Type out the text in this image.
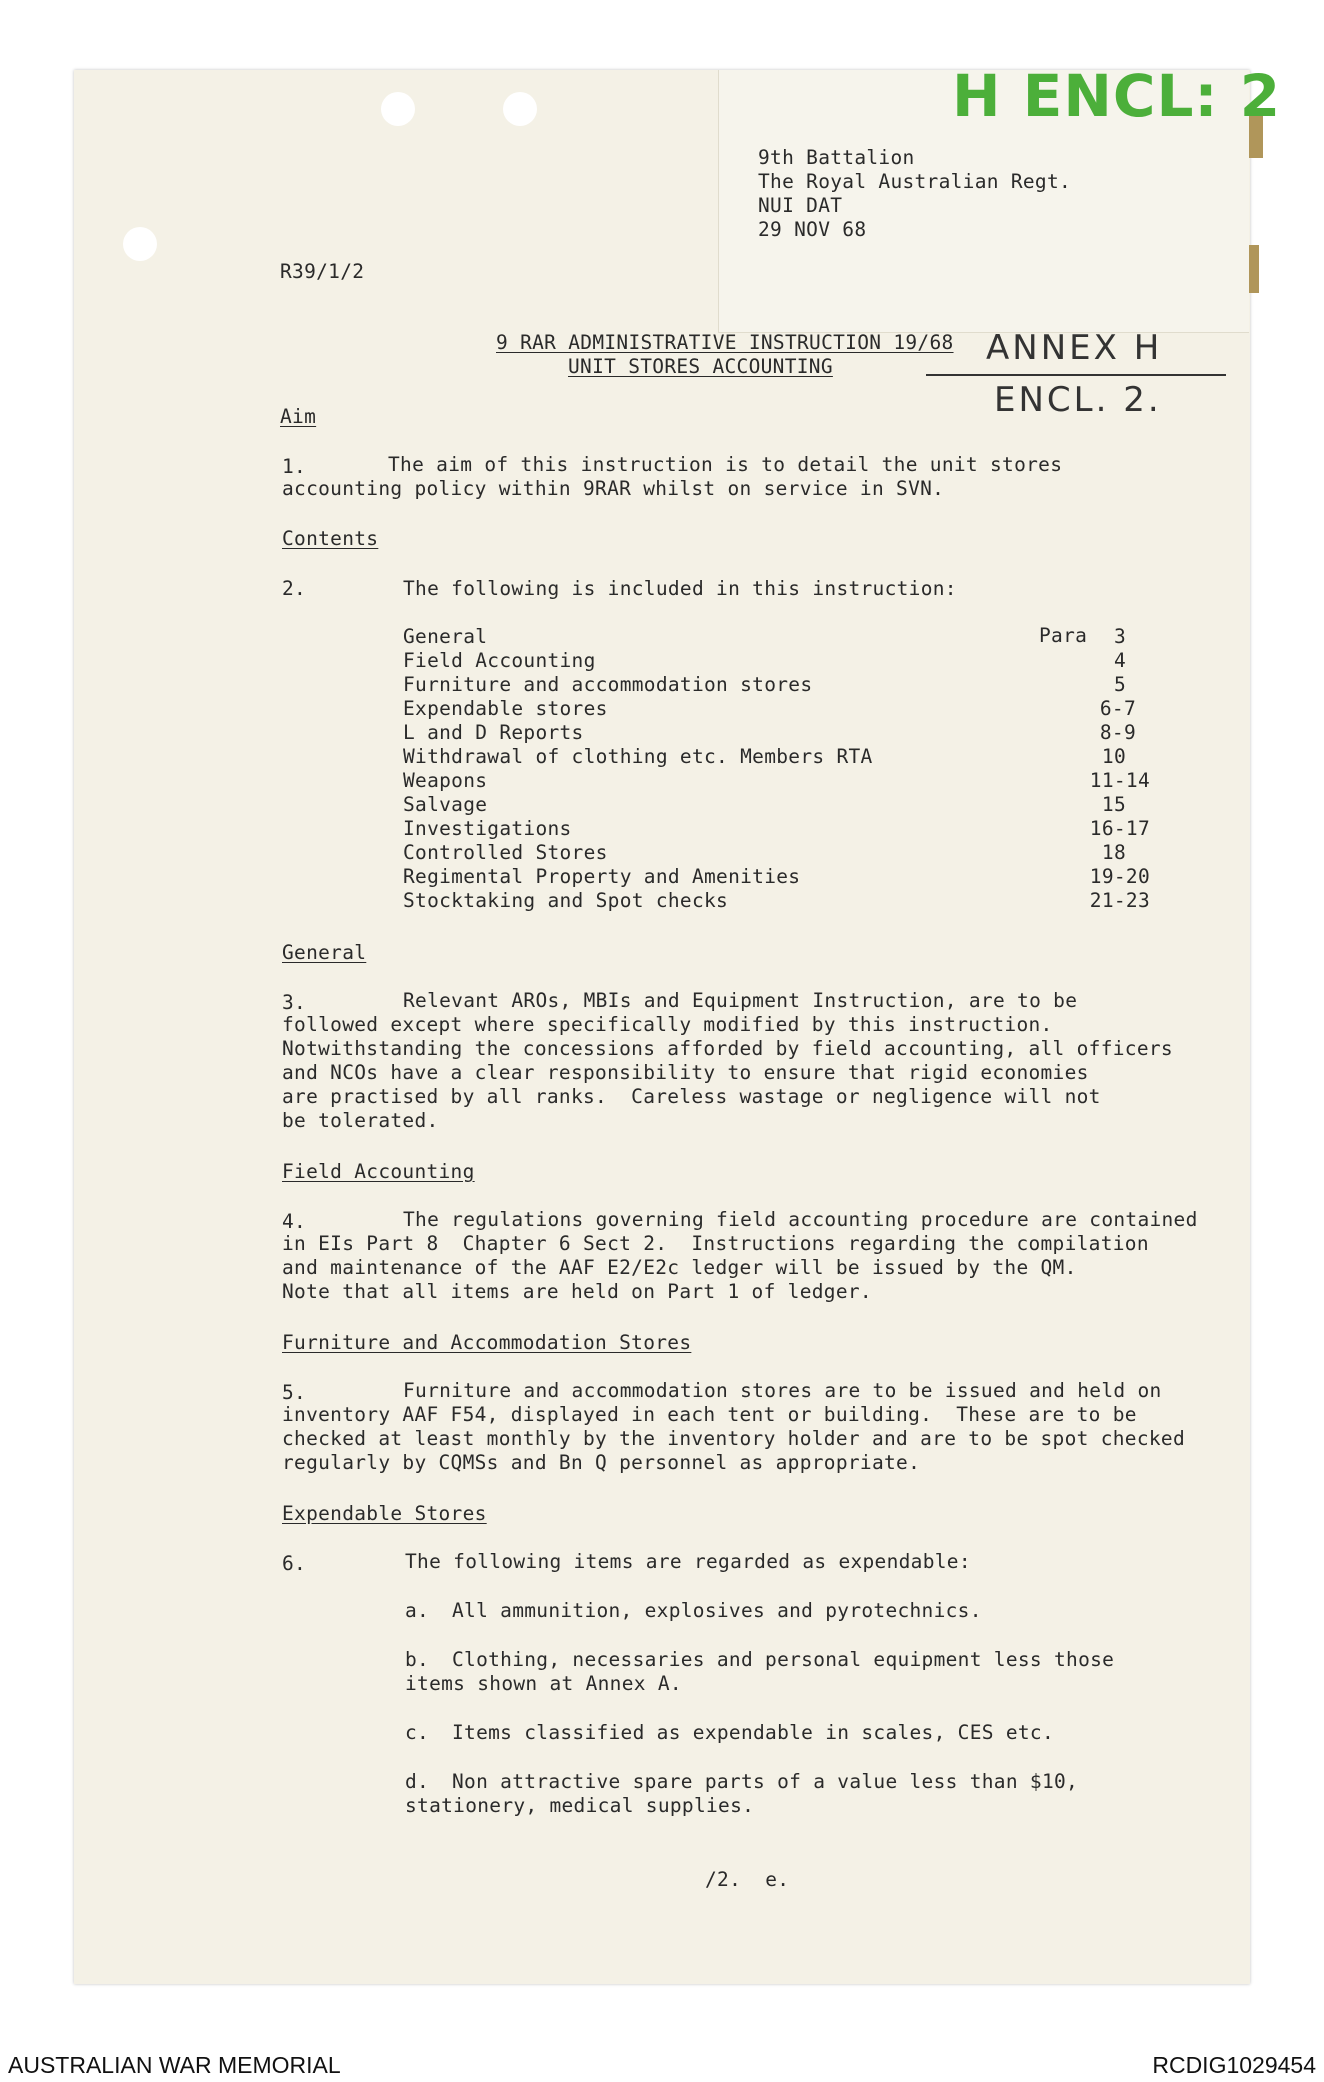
H ENCL: 2
ANNEX H
ENCL. 2.
9th Battalion
The Royal Australian Regt.
NUI DAT
29 NOV 68
R39/1/2
9 RAR ADMINISTRATIVE INSTRUCTION 19/68
UNIT STORES ACCOUNTING
Aim
1.	The aim of this instruction is to detail the unit stores
accounting policy within 9RAR whilst on service in SVN.
Contents
2.	The following is included in this instruction:
Para
General	3
Field Accounting	4
Furniture and accommodation stores	5
Expendable stores	6-7
L and D Reports	8-9
Withdrawal of clothing etc. Members RTA	10
Weapons	11-14
Salvage	15
Investigations	16-17
Controlled Stores	18
Regimental Property and Amenities	19-20
Stocktaking and Spot checks	21-23
General
3.	Relevant AROs, MBIs and Equipment Instruction, are to be
followed except where specifically modified by this instruction.
Notwithstanding the concessions afforded by field accounting, all officers
and NCOs have a clear responsibility to ensure that rigid economies
are practised by all ranks.  Careless wastage or negligence will not
be tolerated.
Field Accounting
4.	The regulations governing field accounting procedure are contained
in EIs Part 8  Chapter 6 Sect 2.  Instructions regarding the compilation
and maintenance of the AAF E2/E2c ledger will be issued by the QM.
Note that all items are held on Part 1 of ledger.
Furniture and Accommodation Stores
5.	Furniture and accommodation stores are to be issued and held on
inventory AAF F54, displayed in each tent or building.  These are to be
checked at least monthly by the inventory holder and are to be spot checked
regularly by CQMSs and Bn Q personnel as appropriate.
Expendable Stores
6.	The following items are regarded as expendable:
a. All ammunition, explosives and pyrotechnics.
b. Clothing, necessaries and personal equipment less those
items shown at Annex A.
c. Items classified as expendable in scales, CES etc.
d. Non attractive spare parts of a value less than $10,
stationery, medical supplies.
/2.  e.
AUSTRALIAN WAR MEMORIAL	RCDIG1029454
